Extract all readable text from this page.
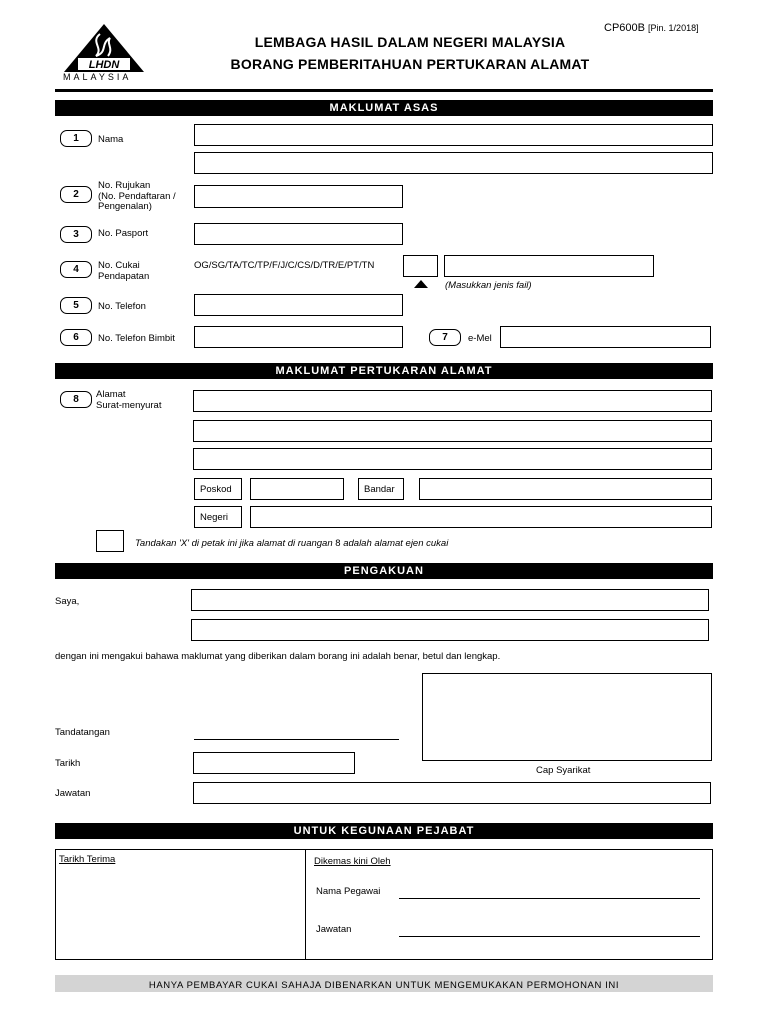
LHDN
MALAYSIA
CP600B [Pin. 1/2018]
LEMBAGA HASIL DALAM NEGERI MALAYSIA
BORANG PEMBERITAHUAN PERTUKARAN ALAMAT
MAKLUMAT ASAS
1	Nama
2
No. Rujukan
(No. Pendaftaran /
Pengenalan)
3	No. Pasport
4	No. Cukai
Pendapatan
OG/SG/TA/TC/TP/F/J/C/CS/D/TR/E/PT/TN
(Masukkan jenis fail)
5	No. Telefon
6	No. Telefon Bimbit	7	e-Mel
MAKLUMAT PERTUKARAN ALAMAT
8	Alamat
Surat-menyurat
Poskod	Bandar
Negeri
Tandakan 'X' di petak ini jika alamat di ruangan 8 adalah alamat ejen cukai
PENGAKUAN
Saya,
dengan ini mengakui bahawa maklumat yang diberikan dalam borang ini adalah benar, betul dan lengkap.
Cap Syarikat
Tandatangan
Tarikh
Jawatan
UNTUK KEGUNAAN PEJABAT
Tarikh Terima	Dikemas kini Oleh
Nama Pegawai
Jawatan
HANYA PEMBAYAR CUKAI SAHAJA DIBENARKAN UNTUK MENGEMUKAKAN PERMOHONAN INI
